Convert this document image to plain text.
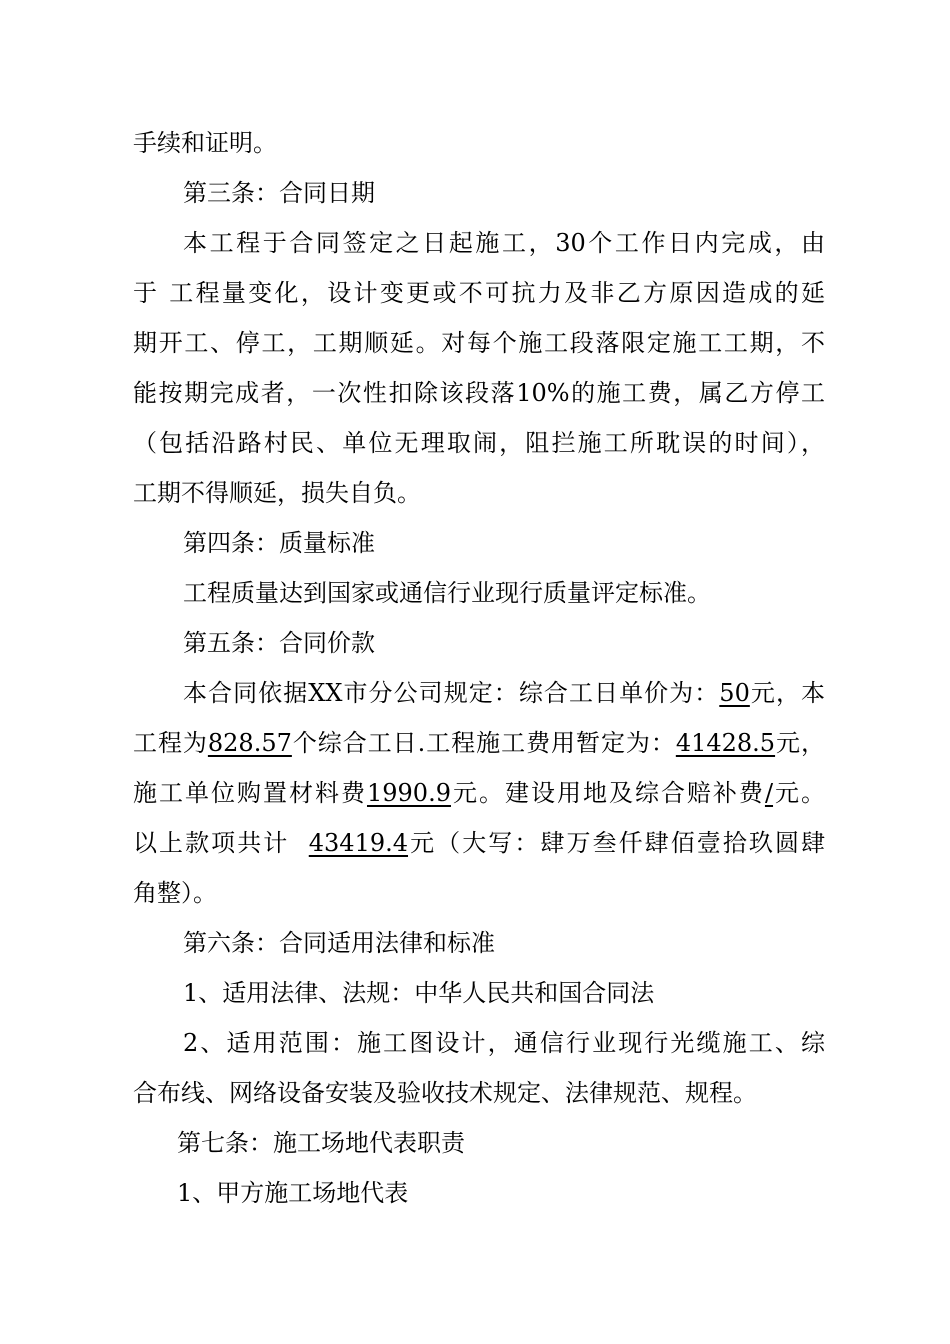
手续和证明。

第三条：合同日期

本工程于合同签定之日起施工，30个工作日内完成，由
于 工程量变化，设计变更或不可抗力及非乙方原因造成的延
期开工、停工，工期顺延。对每个施工段落限定施工工期，不
能按期完成者，一次性扣除该段落10%的施工费，属乙方停工
（包括沿路村民、单位无理取闹，阻拦施工所耽误的时间），
工期不得顺延，损失自负。

第四条：质量标准

工程质量达到国家或通信行业现行质量评定标准。

第五条：合同价款

本合同依据XX市分公司规定：综合工日单价为：50元，本
工程为828.57个综合工日.工程施工费用暂定为：41428.5元，
施工单位购置材料费1990.9元。建设用地及综合赔补费/元。
以上款项共计  43419.4元（大写：肆万叁仟肆佰壹拾玖圆肆
角整）。

第六条：合同适用法律和标准

1、适用法律、法规：中华人民共和国合同法

2、适用范围：施工图设计，通信行业现行光缆施工、综
合布线、网络设备安装及验收技术规定、法律规范、规程。

第七条：施工场地代表职责

1、甲方施工场地代表
